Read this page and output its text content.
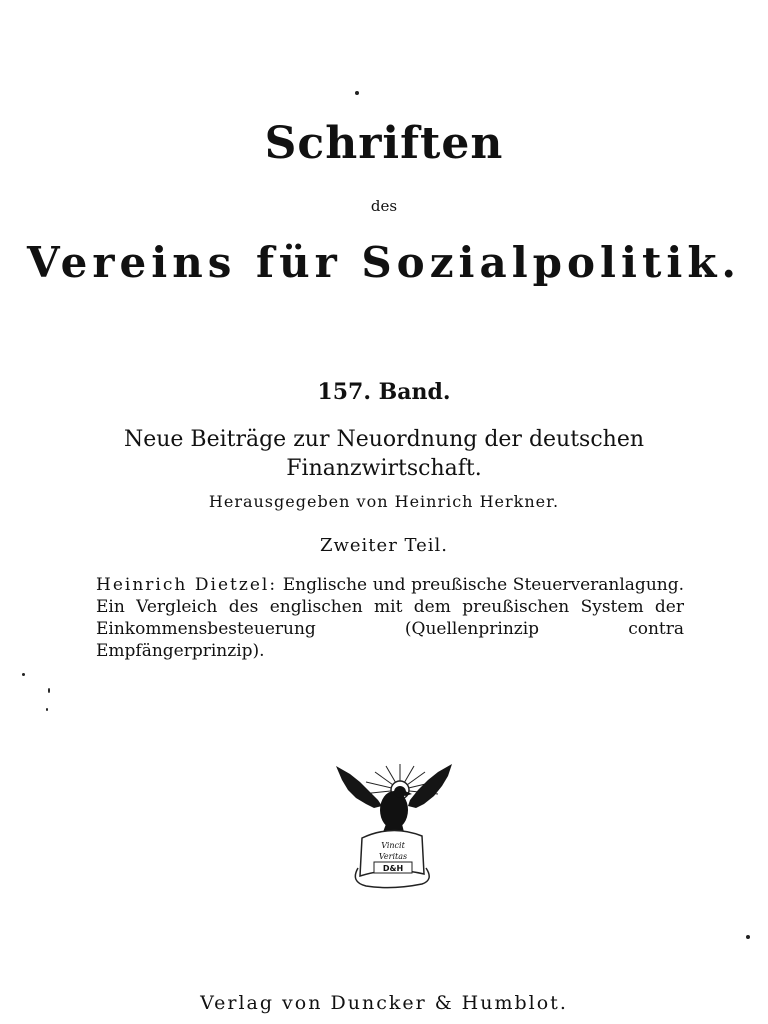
Schriften
des
Vereins für Sozialpolitik.
157. Band.
Neue Beiträge zur Neuordnung der deutschen
Finanzwirtschaft.
Herausgegeben von Heinrich Herkner.
Zweiter Teil.
Heinrich Dietzel: Englische und preußische Steuerveranlagung.
Ein Vergleich des englischen mit dem preußischen System der
Einkommensbesteuerung (Quellenprinzip contra Empfängerprinzip).
Vincit
Veritas
D&H
Verlag von Duncker & Humblot.
